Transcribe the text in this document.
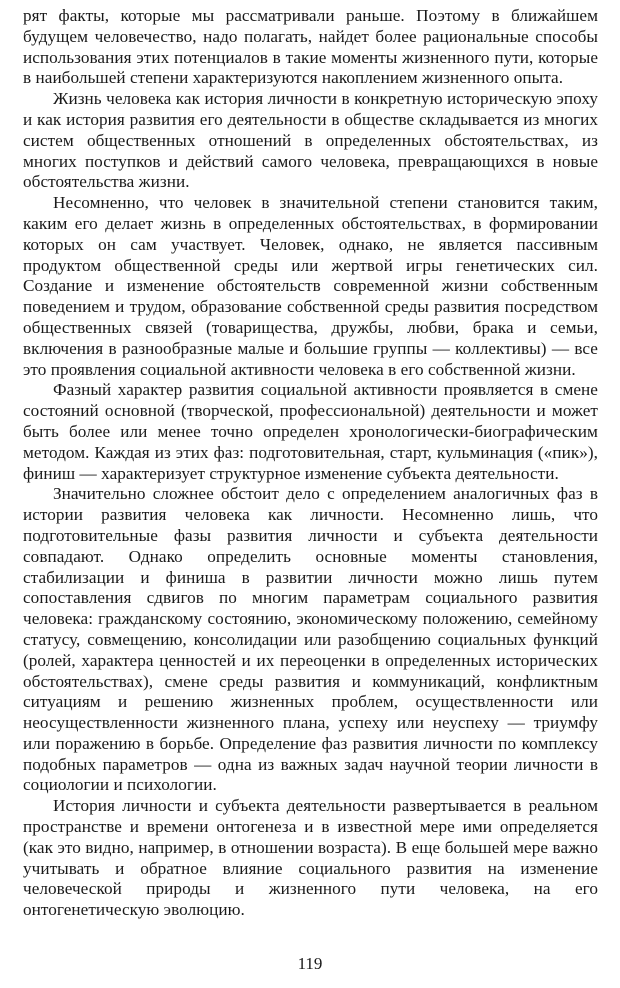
рят факты, которые мы рассматривали раньше. Поэтому в ближайшем будущем человечество, надо полагать, найдет более рациональные способы использования этих потенциалов в такие моменты жизненного пути, которые в наибольшей степени характеризуются накоплением жизненного опыта.

Жизнь человека как история личности в конкретную историческую эпоху и как история развития его деятельности в обществе складывается из многих систем общественных отношений в определенных обстоятельствах, из многих поступков и действий самого человека, превращающихся в новые обстоятельства жизни.

Несомненно, что человек в значительной степени становится таким, каким его делает жизнь в определенных обстоятельствах, в формировании которых он сам участвует. Человек, однако, не является пассивным продуктом общественной среды или жертвой игры генетических сил. Создание и изменение обстоятельств современной жизни собственным поведением и трудом, образование собственной среды развития посредством общественных связей (товарищества, дружбы, любви, брака и семьи, включения в разнообразные малые и большие группы — коллективы) — все это проявления социальной активности человека в его собственной жизни.

Фазный характер развития социальной активности проявляется в смене состояний основной (творческой, профессиональной) деятельности и может быть более или менее точно определен хронологически-биографическим методом. Каждая из этих фаз: подготовительная, старт, кульминация («пик»), финиш — характеризует структурное изменение субъекта деятельности.

Значительно сложнее обстоит дело с определением аналогичных фаз в истории развития человека как личности. Несомненно лишь, что подготовительные фазы развития личности и субъекта деятельности совпадают. Однако определить основные моменты становления, стабилизации и финиша в развитии личности можно лишь путем сопоставления сдвигов по многим параметрам социального развития человека: гражданскому состоянию, экономическому положению, семейному статусу, совмещению, консолидации или разобщению социальных функций (ролей, характера ценностей и их переоценки в определенных исторических обстоятельствах), смене среды развития и коммуникаций, конфликтным ситуациям и решению жизненных проблем, осуществленности или неосуществленности жизненного плана, успеху или неуспеху — триумфу или поражению в борьбе. Определение фаз развития личности по комплексу подобных параметров — одна из важных задач научной теории личности в социологии и психологии.

История личности и субъекта деятельности развертывается в реальном пространстве и времени онтогенеза и в известной мере ими определяется (как это видно, например, в отношении возраста). В еще большей мере важно учитывать и обратное влияние социального развития на изменение человеческой природы и жизненного пути человека, на его онтогенетическую эволюцию.

119
